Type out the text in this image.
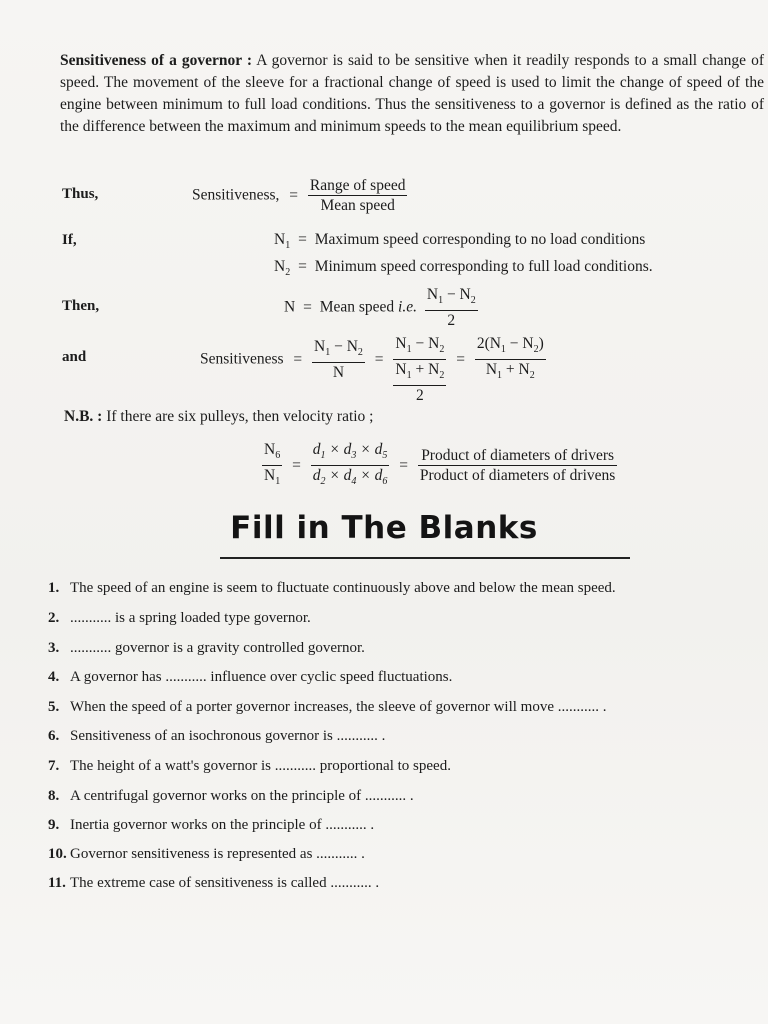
Sensitiveness of a governor : A governor is said to be sensitive when it readily responds to a small change of speed. The movement of the sleeve for a fractional change of speed is used to limit the change of speed of the engine between minimum to full load conditions. Thus the sensitiveness to a governor is defined as the ratio of the difference between the maximum and minimum speeds to the mean equilibrium speed.
Thus,	Sensitiveness, = $\frac{\text{Range of speed}}{\text{Mean speed}}$
If,	$N_1$ = Maximum speed corresponding to no load conditions
$N_2$ = Minimum speed corresponding to full load conditions.
Then,	N = Mean speed i.e. $\frac{N_1 - N_2}{2}$
and	Sensitiveness = $\frac{N_1 - N_2}{N}$ =
$N_1 - N_2$
$N_1 + N_2$
2
= $\frac{2(N_1 - N_2)}{N_1 + N_2}$
N.B. : If there are six pulleys, then velocity ratio ;
$\frac{N_6}{N_1} = \frac{d_1 \times d_3 \times d_5}{d_2 \times d_4 \times d_6} = \frac{\text{Product of diameters of drivers}}{\text{Product of diameters of drivens}}$
Fill in The Blanks
1. The speed of an engine is seem to fluctuate continuously above and below the mean speed.
2. ........... is a spring loaded type governor.
3. ........... governor is a gravity controlled governor.
4. A governor has ........... influence over cyclic speed fluctuations.
5. When the speed of a porter governor increases, the sleeve of governor will move ........... .
6. Sensitiveness of an isochronous governor is ........... .
7. The height of a watt's governor is ........... proportional to speed.
8. A centrifugal governor works on the principle of ........... .
9. Inertia governor works on the principle of ........... .
10. Governor sensitiveness is represented as ........... .
11. The extreme case of sensitiveness is called ........... .
